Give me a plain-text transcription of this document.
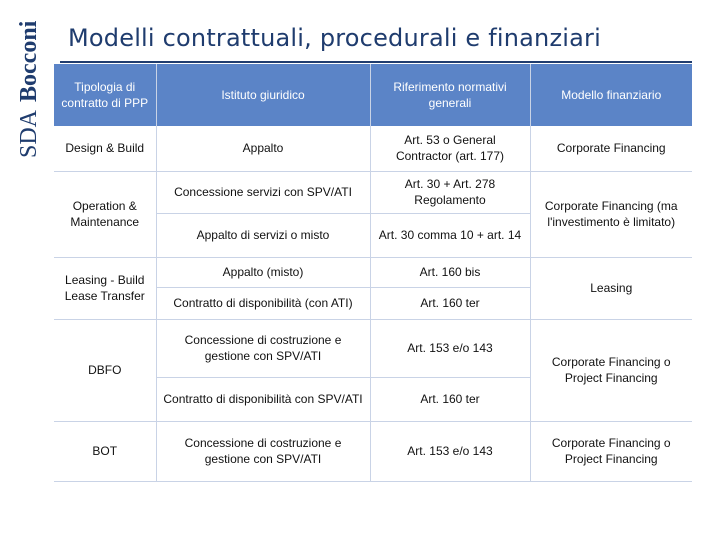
SDABocconi Modelli contrattuali, procedurali e finanziari
Tipologia di contratto di PPP	Istituto giuridico	Riferimento normativi generali	Modello finanziario
Design & Build	Appalto	Art. 53 o General Contractor (art. 177)	Corporate Financing
Operation & Maintenance	Concessione servizi con SPV/ATI	Art. 30 + Art. 278 Regolamento	Corporate Financing (ma l'investimento è limitato)
	Appalto di servizi o misto	Art. 30 comma 10 + art. 14	
Leasing - Build Lease Transfer	Appalto (misto)	Art. 160 bis	Leasing
	Contratto di disponibilità (con ATI)	Art. 160 ter	
DBFO	Concessione di costruzione e gestione con SPV/ATI	Art. 153 e/o 143	Corporate Financing o Project Financing
	Contratto di disponibilità con SPV/ATI	Art. 160 ter	
BOT	Concessione di costruzione e gestione con SPV/ATI	Art. 153 e/o 143	Corporate Financing o Project Financing
